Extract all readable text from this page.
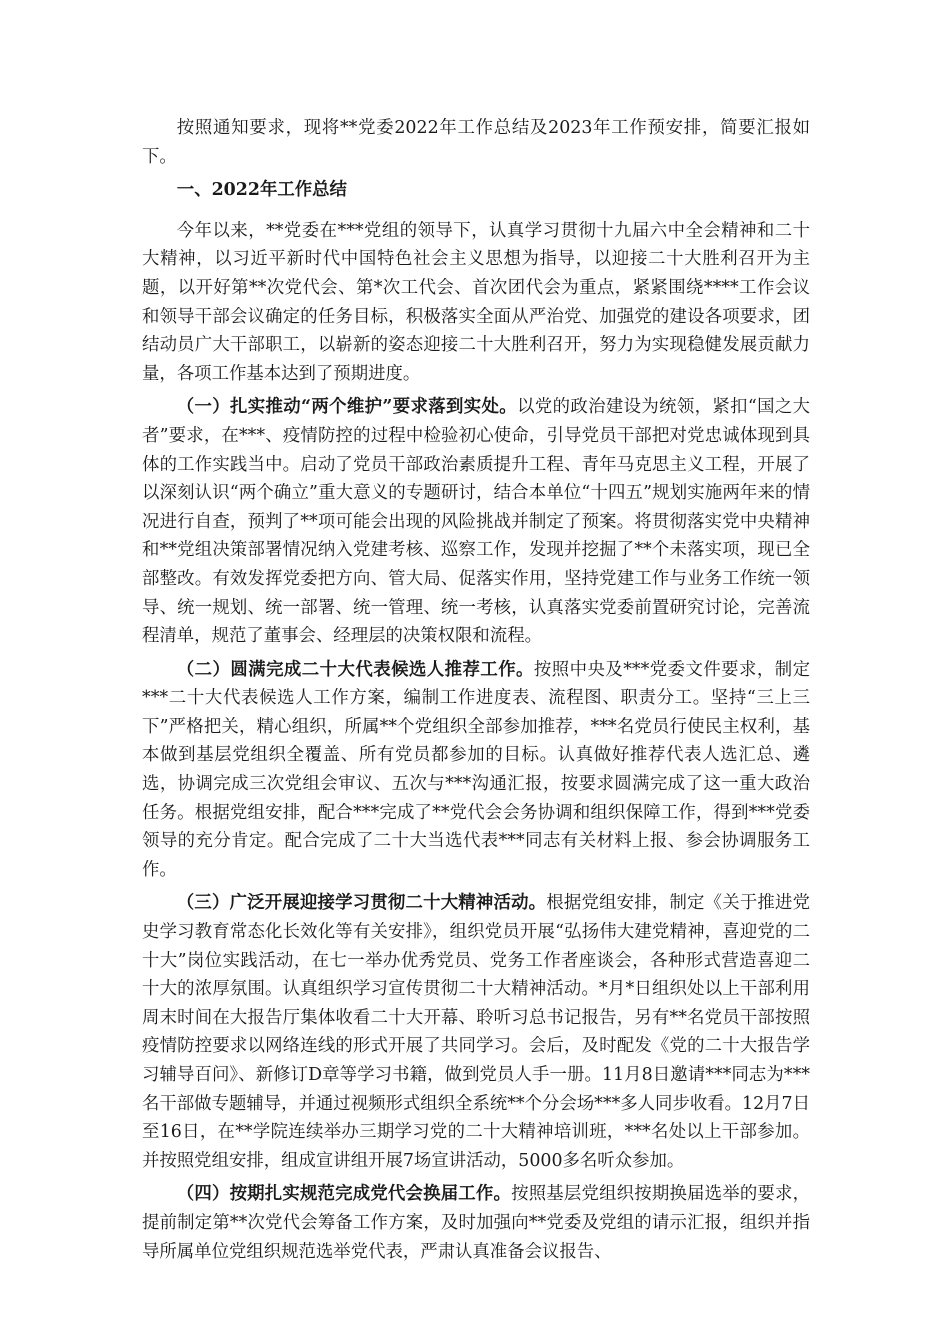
按照通知要求，现将**党委2022年工作总结及2023年工作预安排，简要汇报如下。

一、2022年工作总结

今年以来，**党委在***党组的领导下，认真学习贯彻十九届六中全会精神和二十大精神，以习近平新时代中国特色社会主义思想为指导，以迎接二十大胜利召开为主题，以开好第**次党代会、第*次工代会、首次团代会为重点，紧紧围绕****工作会议和领导干部会议确定的任务目标，积极落实全面从严治党、加强党的建设各项要求，团结动员广大干部职工，以崭新的姿态迎接二十大胜利召开，努力为实现稳健发展贡献力量，各项工作基本达到了预期进度。

（一）扎实推动“两个维护”要求落到实处。以党的政治建设为统领，紧扣“国之大者”要求，在***、疫情防控的过程中检验初心使命，引导党员干部把对党忠诚体现到具体的工作实践当中。启动了党员干部政治素质提升工程、青年马克思主义工程，开展了以深刻认识“两个确立”重大意义的专题研讨，结合本单位“十四五”规划实施两年来的情况进行自查，预判了**项可能会出现的风险挑战并制定了预案。将贯彻落实党中央精神和**党组决策部署情况纳入党建考核、巡察工作，发现并挖掘了**个未落实项，现已全部整改。有效发挥党委把方向、管大局、促落实作用，坚持党建工作与业务工作统一领导、统一规划、统一部署、统一管理、统一考核，认真落实党委前置研究讨论，完善流程清单，规范了董事会、经理层的决策权限和流程。

（二）圆满完成二十大代表候选人推荐工作。按照中央及***党委文件要求，制定***二十大代表候选人工作方案，编制工作进度表、流程图、职责分工。坚持“三上三下”严格把关，精心组织，所属**个党组织全部参加推荐，***名党员行使民主权利，基本做到基层党组织全覆盖、所有党员都参加的目标。认真做好推荐代表人选汇总、遴选，协调完成三次党组会审议、五次与***沟通汇报，按要求圆满完成了这一重大政治任务。根据党组安排，配合***完成了**党代会会务协调和组织保障工作，得到***党委领导的充分肯定。配合完成了二十大当选代表***同志有关材料上报、参会协调服务工作。

（三）广泛开展迎接学习贯彻二十大精神活动。根据党组安排，制定《关于推进党史学习教育常态化长效化等有关安排》，组织党员开展“弘扬伟大建党精神，喜迎党的二十大”岗位实践活动，在七一举办优秀党员、党务工作者座谈会，各种形式营造喜迎二十大的浓厚氛围。认真组织学习宣传贯彻二十大精神活动。*月*日组织处以上干部利用周末时间在大报告厅集体收看二十大开幕、聆听习总书记报告，另有**名党员干部按照疫情防控要求以网络连线的形式开展了共同学习。会后，及时配发《党的二十大报告学习辅导百问》、新修订D章等学习书籍，做到党员人手一册。11月8日邀请***同志为***名干部做专题辅导，并通过视频形式组织全系统**个分会场***多人同步收看。12月7日至16日，在**学院连续举办三期学习党的二十大精神培训班，***名处以上干部参加。并按照党组安排，组成宣讲组开展7场宣讲活动，5000多名听众参加。

（四）按期扎实规范完成党代会换届工作。按照基层党组织按期换届选举的要求，提前制定第**次党代会筹备工作方案，及时加强向**党委及党组的请示汇报，组织并指导所属单位党组织规范选举党代表，严肃认真准备会议报告、
